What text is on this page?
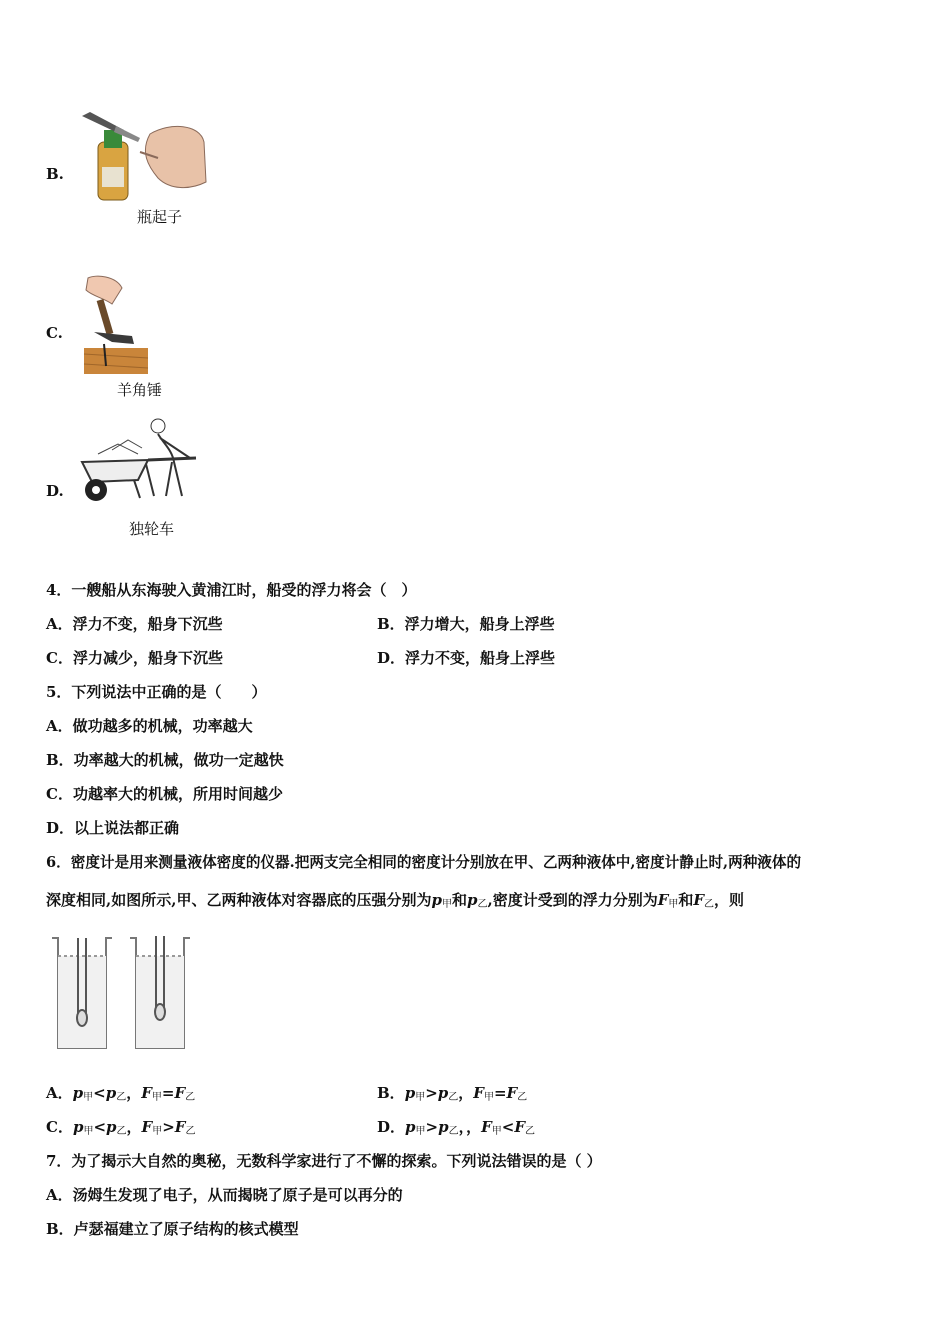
B.
瓶起子
C.
羊角锤
D.
独轮车
4．一艘船从东海驶入黄浦江时，船受的浮力将会（　）
A．浮力不变，船身下沉些	B．浮力增大，船身上浮些
C．浮力减少，船身下沉些	D．浮力不变，船身上浮些
5．下列说法中正确的是（　　）
A．做功越多的机械，功率越大
B．功率越大的机械，做功一定越快
C．功越率大的机械，所用时间越少
D．以上说法都正确
6．密度计是用来测量液体密度的仪器.把两支完全相同的密度计分别放在甲、乙两种液体中,密度计静止时,两种液体的
深度相同,如图所示,甲、乙两种液体对容器底的压强分别为p甲和p乙,密度计受到的浮力分别为F甲和F乙，则
A．p甲<p乙，F甲=F乙	B．p甲>p乙，F甲=F乙
C．p甲<p乙，F甲>F乙	D．p甲>p乙，，F甲<F乙
7．为了揭示大自然的奥秘，无数科学家进行了不懈的探索。下列说法错误的是（ ）
A．汤姆生发现了电子，从而揭晓了原子是可以再分的
B．卢瑟福建立了原子结构的核式模型
